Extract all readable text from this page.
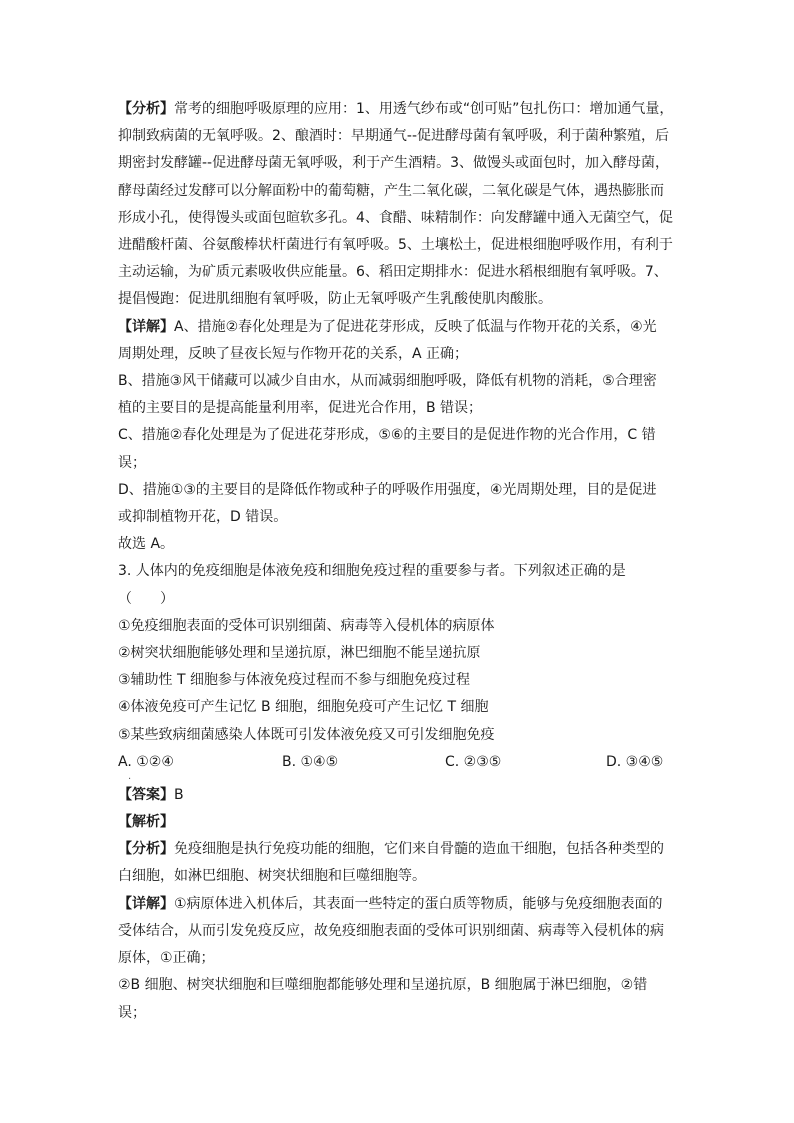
【分析】常考的细胞呼吸原理的应用：1、用透气纱布或“创可贴”包扎伤口：增加通气量，

抑制致病菌的无氧呼吸。2、酿酒时：早期通气--促进酵母菌有氧呼吸，利于菌种繁殖，后

期密封发酵罐--促进酵母菌无氧呼吸，利于产生酒精。3、做馒头或面包时，加入酵母菌，

酵母菌经过发酵可以分解面粉中的葡萄糖，产生二氧化碳，二氧化碳是气体，遇热膨胀而

形成小孔，使得馒头或面包暄软多孔。4、食醋、味精制作：向发酵罐中通入无菌空气，促

进醋酸杆菌、谷氨酸棒状杆菌进行有氧呼吸。5、土壤松土，促进根细胞呼吸作用，有利于

主动运输，为矿质元素吸收供应能量。6、稻田定期排水：促进水稻根细胞有氧呼吸。7、

提倡慢跑：促进肌细胞有氧呼吸，防止无氧呼吸产生乳酸使肌肉酸胀。

【详解】A、措施②春化处理是为了促进花芽形成，反映了低温与作物开花的关系，④光

周期处理，反映了昼夜长短与作物开花的关系，A 正确；

B、措施③风干储藏可以减少自由水，从而减弱细胞呼吸，降低有机物的消耗，⑤合理密

植的主要目的是提高能量利用率，促进光合作用，B 错误；

C、措施②春化处理是为了促进花芽形成，⑤⑥的主要目的是促进作物的光合作用，C 错

误；

D、措施①③的主要目的是降低作物或种子的呼吸作用强度，④光周期处理，目的是促进

或抑制植物开花，D 错误。

故选 A。

3. 人体内的免疫细胞是体液免疫和细胞免疫过程的重要参与者。下列叙述正确的是

（　　）

①免疫细胞表面的受体可识别细菌、病毒等入侵机体的病原体

②树突状细胞能够处理和呈递抗原，淋巴细胞不能呈递抗原

③辅助性 T 细胞参与体液免疫过程而不参与细胞免疫过程

④体液免疫可产生记忆 B 细胞，细胞免疫可产生记忆 T 细胞

⑤某些致病细菌感染人体既可引发体液免疫又可引发细胞免疫

A. ①②④
·
B. ①④⑤	C. ②③⑤	D. ③④⑤

【答案】B

【解析】

【分析】免疫细胞是执行免疫功能的细胞，它们来自骨髓的造血干细胞，包括各种类型的

白细胞，如淋巴细胞、树突状细胞和巨噬细胞等。

【详解】①病原体进入机体后，其表面一些特定的蛋白质等物质，能够与免疫细胞表面的

受体结合，从而引发免疫反应，故免疫细胞表面的受体可识别细菌、病毒等入侵机体的病

原体，①正确；

②B 细胞、树突状细胞和巨噬细胞都能够处理和呈递抗原，B 细胞属于淋巴细胞，②错

误；
